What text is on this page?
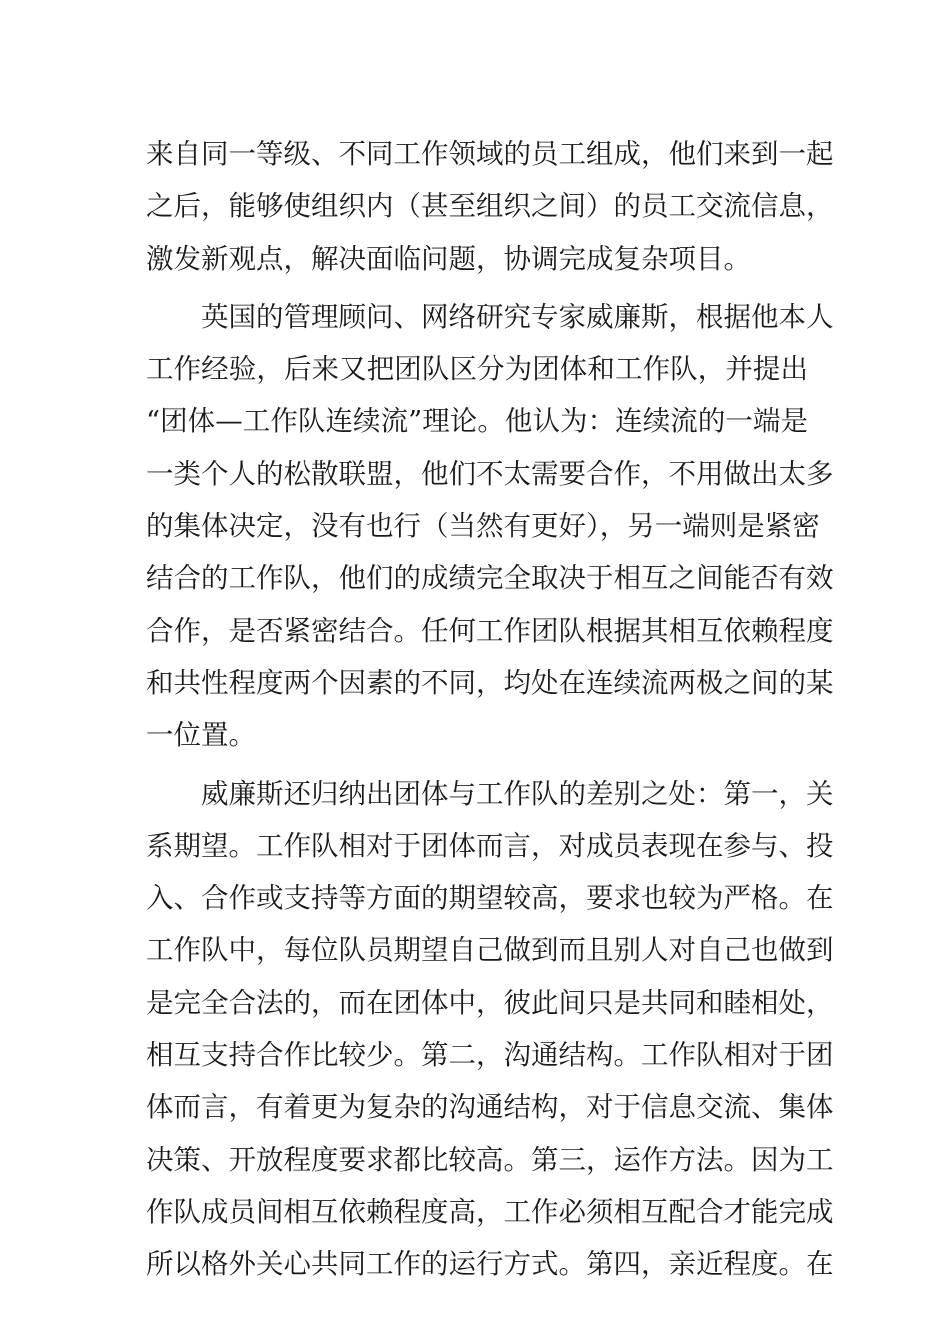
来自同一等级、不同工作领域的员工组成，他们来到一起
之后，能够使组织内（甚至组织之间）的员工交流信息，
激发新观点，解决面临问题，协调完成复杂项目。
英国的管理顾问、网络研究专家威廉斯，根据他本人
工作经验，后来又把团队区分为团体和工作队，并提出
“团体—工作队连续流”理论。他认为：连续流的一端是
一类个人的松散联盟，他们不太需要合作，不用做出太多
的集体决定，没有也行（当然有更好），另一端则是紧密
结合的工作队，他们的成绩完全取决于相互之间能否有效
合作，是否紧密结合。任何工作团队根据其相互依赖程度
和共性程度两个因素的不同，均处在连续流两极之间的某
一位置。
威廉斯还归纳出团体与工作队的差别之处：第一，关
系期望。工作队相对于团体而言，对成员表现在参与、投
入、合作或支持等方面的期望较高，要求也较为严格。在
工作队中，每位队员期望自己做到而且别人对自己也做到
是完全合法的，而在团体中，彼此间只是共同和睦相处，
相互支持合作比较少。第二，沟通结构。工作队相对于团
体而言，有着更为复杂的沟通结构，对于信息交流、集体
决策、开放程度要求都比较高。第三，运作方法。因为工
作队成员间相互依赖程度高，工作必须相互配合才能完成
所以格外关心共同工作的运行方式。第四，亲近程度。在
